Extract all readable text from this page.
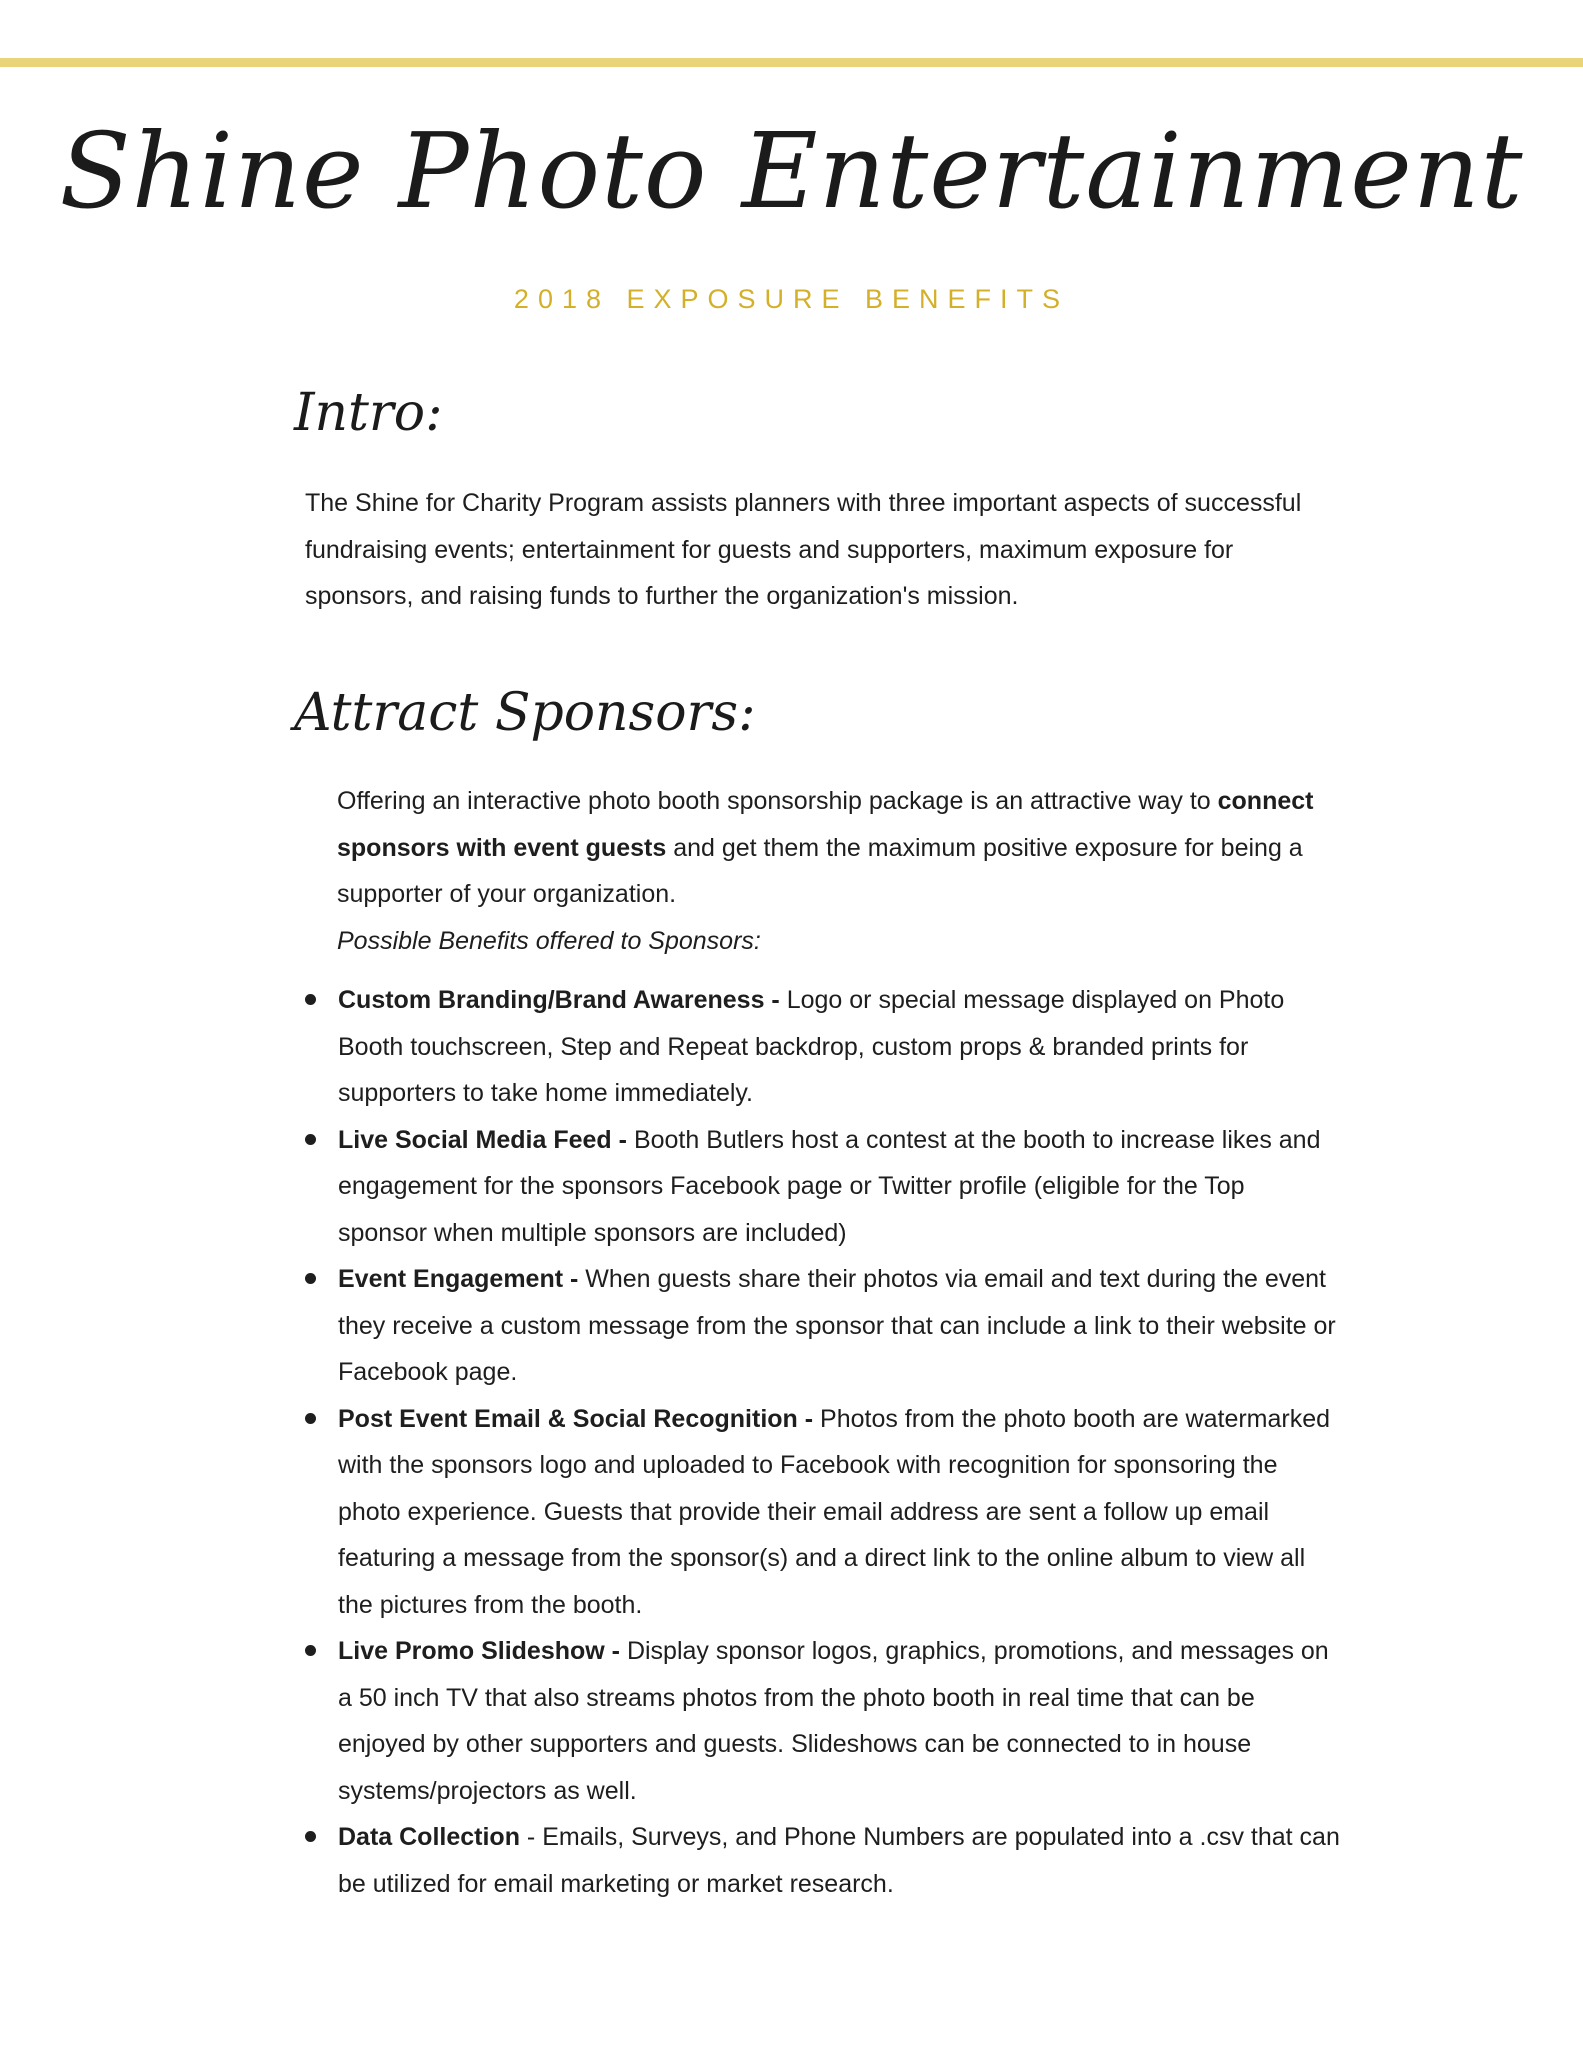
Shine Photo Entertainment
2018 EXPOSURE BENEFITS
Intro:
The Shine for Charity Program assists planners with three important aspects of successful fundraising events; entertainment for guests and supporters, maximum exposure for sponsors, and raising funds to further the organization's mission.
Attract Sponsors:
Offering an interactive photo booth sponsorship package is an attractive way to connect sponsors with event guests and get them the maximum positive exposure for being a supporter of your organization.
Possible Benefits offered to Sponsors:
Custom Branding/Brand Awareness - Logo or special message displayed on Photo Booth touchscreen, Step and Repeat backdrop, custom props & branded prints for supporters to take home immediately.
Live Social Media Feed - Booth Butlers host a contest at the booth to increase likes and engagement for the sponsors Facebook page or Twitter profile (eligible for the Top sponsor when multiple sponsors are included)
Event Engagement - When guests share their photos via email and text during the event they receive a custom message from the sponsor that can include a link to their website or Facebook page.
Post Event Email & Social Recognition - Photos from the photo booth are watermarked with the sponsors logo and uploaded to Facebook with recognition for sponsoring the photo experience. Guests that provide their email address are sent a follow up email featuring a message from the sponsor(s) and a direct link to the online album to view all the pictures from the booth.
Live Promo Slideshow - Display sponsor logos, graphics, promotions, and messages on a 50 inch TV that also streams photos from the photo booth in real time that can be enjoyed by other supporters and guests. Slideshows can be connected to in house systems/projectors as well.
Data Collection - Emails, Surveys, and Phone Numbers are populated into a .csv that can be utilized for email marketing or market research.
